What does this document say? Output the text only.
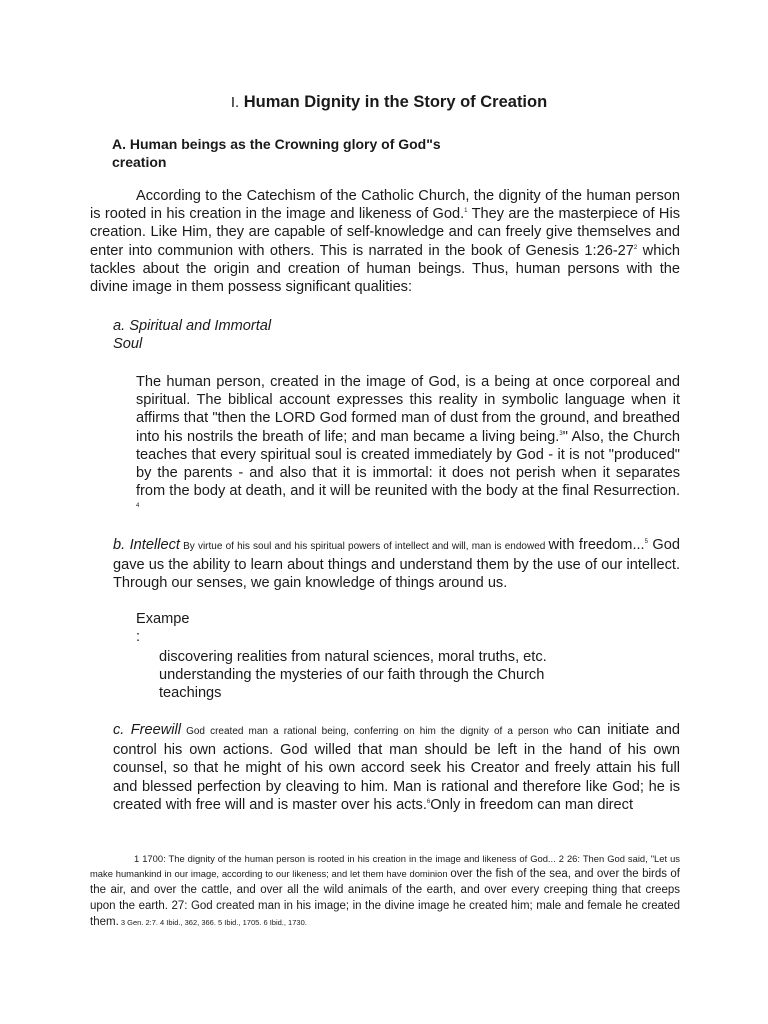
I. Human Dignity in the Story of Creation
A. Human beings as the Crowning glory of God"s
creation

According to the Catechism of the Catholic Church, the dignity of the human person is rooted in his creation in the image and likeness of God.$^1$ They are the masterpiece of His creation. Like Him, they are capable of self-knowledge and can freely give themselves and enter into communion with others. This is narrated in the book of Genesis $1:26-27^2$ which tackles about the origin and creation of human beings. Thus, human persons with the divine image in them possess significant qualities:

a. Spiritual and Immortal
Soul

The human person, created in the image of God, is a being at once corporeal and spiritual. The biblical account expresses this reality in symbolic language when it affirms that "then the LORD God formed man of dust from the ground, and breathed into his nostrils the breath of life; and man became a living being.$^3$" Also, the Church teaches that every spiritual soul is created immediately by God - it is not "produced" by the parents - and also that it is immortal: it does not perish when it separates from the body at death, and it will be reunited with the body at the final Resurrection. $^4$

b. Intellect By virtue of his soul and his spiritual powers of intellect and will, man is endowed with freedom...$^5$ God gave us the ability to learn about things and understand them by the use of our intellect. Through our senses, we gain knowledge of things around us.

Exampe
:
discovering realities from natural sciences, moral truths, etc.
understanding the mysteries of our faith through the Church teachings

c. Freewill God created man a rational being, conferring on him the dignity of a person who can initiate and control his own actions. God willed that man should be left in the hand of his own counsel, so that he might of his own accord seek his Creator and freely attain his full and blessed perfection by cleaving to him. Man is rational and therefore like God; he is created with free will and is master over his acts.$^6$Only in freedom can man direct

1 1700: The dignity of the human person is rooted in his creation in the image and likeness of God... 2 26: Then God said, "Let us make humankind in our image, according to our likeness; and let them have dominion over the fish of the sea, and over the birds of the air, and over the cattle, and over all the wild animals of the earth, and over every creeping thing that creeps upon the earth. 27: God created man in his image; in the divine image he created him; male and female he created them. 3 Gen. 2:7. 4 Ibid., 362, 366. 5 Ibid., 1705. 6 Ibid., 1730.
